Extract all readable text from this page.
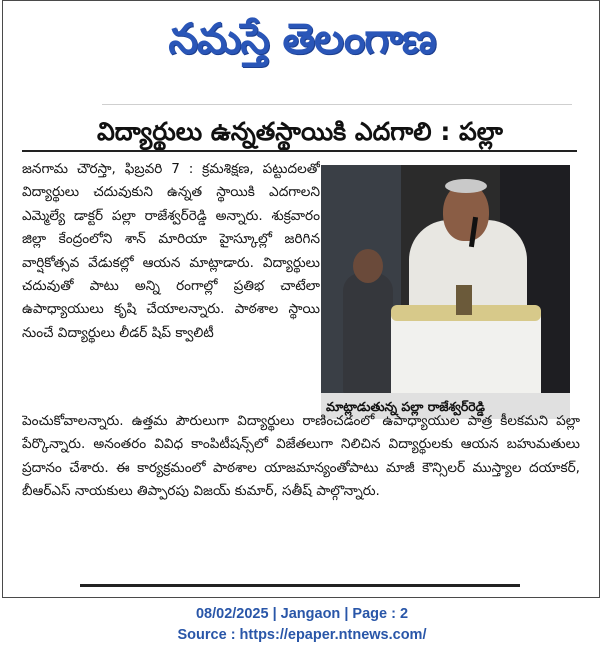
నమస్తే తెలంగాణ
విద్యార్థులు ఉన్నతస్థాయికి ఎదగాలి : పల్లా
జనగామ చౌరస్తా, ఫిబ్రవరి 7 : క్రమశిక్షణ, పట్టుదలతో విద్యార్థులు చదువుకుని ఉన్నత స్థాయికి ఎదగాలని ఎమ్మెల్యే డాక్టర్ పల్లా రాజేశ్వర్‌రెడ్డి అన్నారు. శుక్రవారం జిల్లా కేంద్రంలోని శాన్ మారియా హైస్కూల్లో జరిగిన వార్షికోత్సవ వేడుకల్లో ఆయన మాట్లాడారు. విద్యార్థులు చదువుతో పాటు అన్ని రంగాల్లో ప్రతిభ చాటేలా ఉపాధ్యాయులు కృషి చేయాలన్నారు. పాఠశాల స్థాయి నుంచే విద్యార్థులు లీడర్ షిప్ క్వాలిటీ
మాట్లాడుతున్న పల్లా రాజేశ్వర్‌రెడ్డి
పెంచుకోవాలన్నారు. ఉత్తమ పౌరులుగా విద్యార్థులు రాణించడంలో ఉపాధ్యాయుల పాత్ర కీలకమని పల్లా పేర్కొన్నారు. అనంతరం వివిధ కాంపిటీషన్స్‌లో విజేతలుగా నిలిచిన విద్యార్థులకు ఆయన బహుమతులు ప్రదానం చేశారు. ఈ కార్యక్రమంలో పాఠశాల యాజమాన్యంతోపాటు మాజీ కౌన్సిలర్ ముస్త్యాల దయాకర్, బీఆర్‌ఎస్ నాయకులు తిప్పారపు విజయ్ కుమార్, సతీష్ పాల్గొన్నారు.
08/02/2025 | Jangaon | Page : 2
Source : https://epaper.ntnews.com/
